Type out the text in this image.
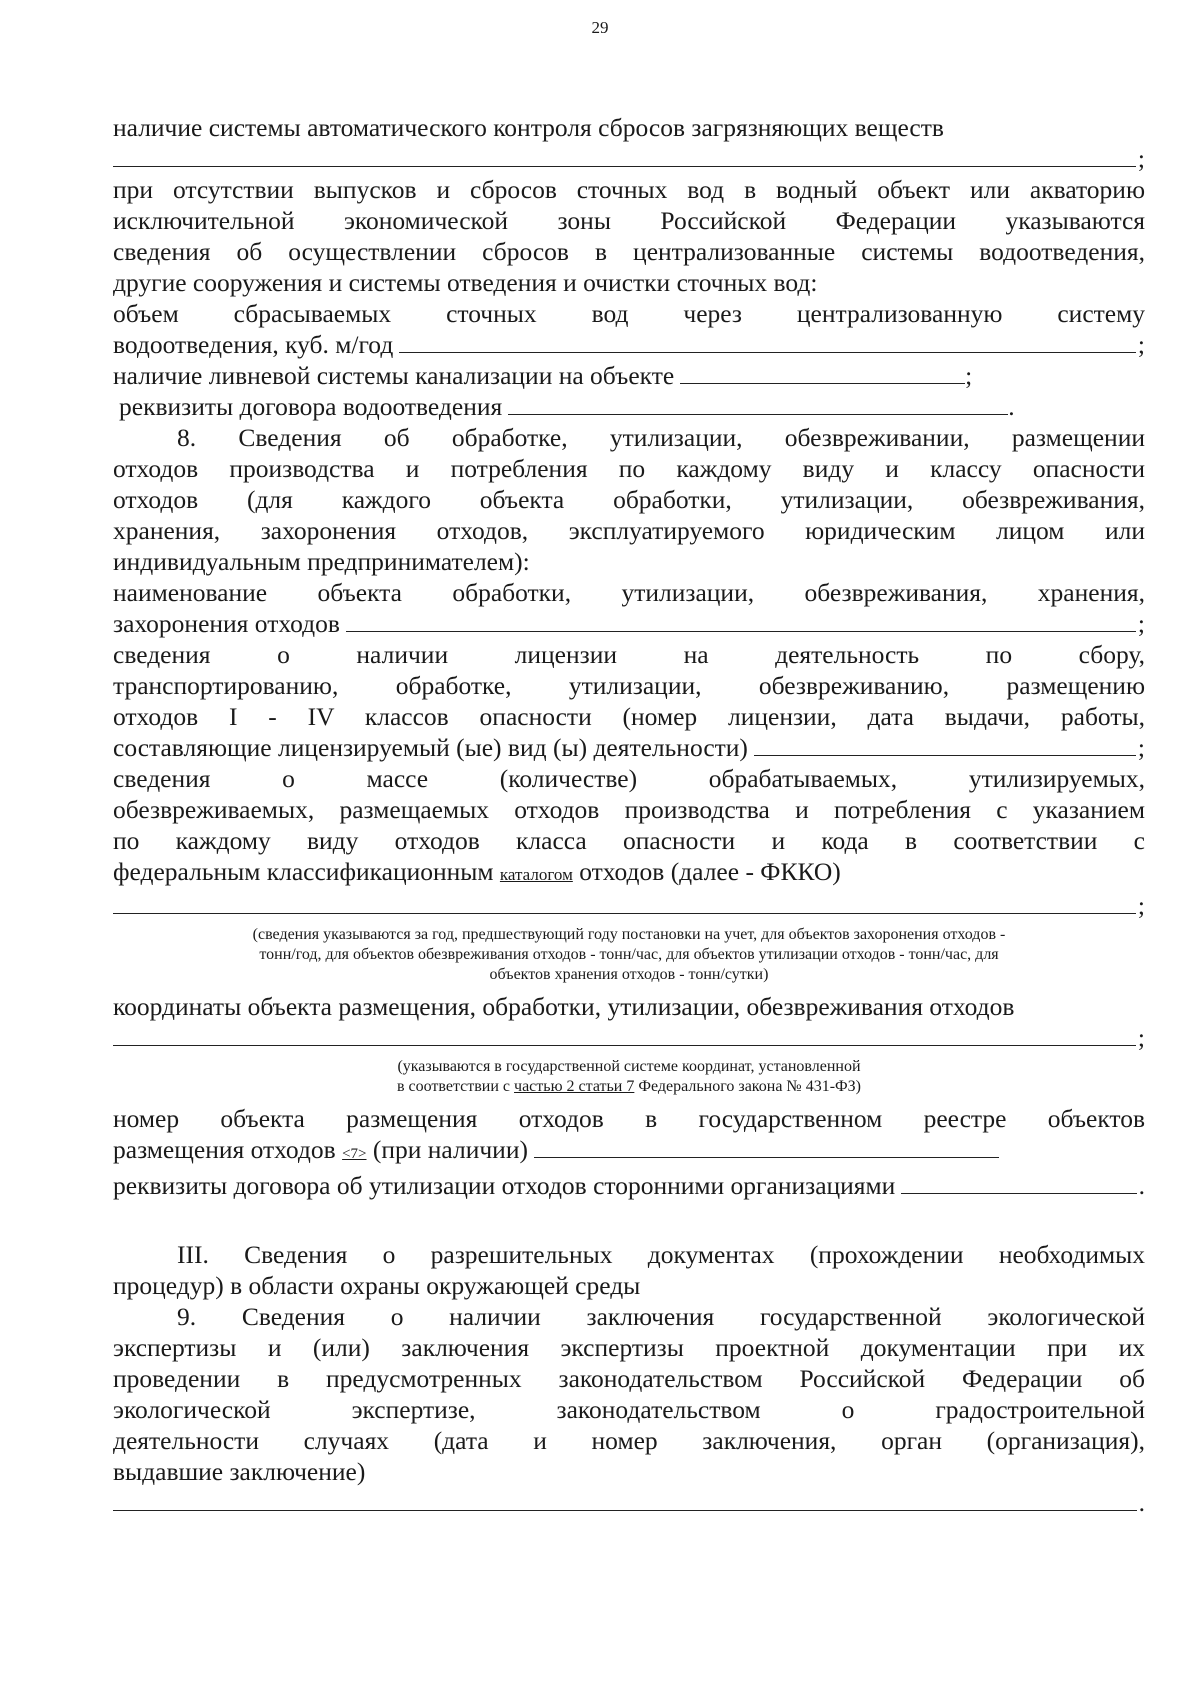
29
наличие системы автоматического контроля сбросов загрязняющих веществ
;
при отсутствии выпусков и сбросов сточных вод в водный объект или акваторию
исключительной экономической зоны Российской Федерации указываются
сведения об осуществлении сбросов в централизованные системы водоотведения,
другие сооружения и системы отведения и очистки сточных вод:
объем сбрасываемых сточных вод через централизованную систему
водоотведения, куб. м/год	;
наличие ливневой системы канализации на объекте	;
реквизиты договора водоотведения	.
8. Сведения об обработке, утилизации, обезвреживании, размещении
отходов производства и потребления по каждому виду и классу опасности
отходов (для каждого объекта обработки, утилизации, обезвреживания,
хранения, захоронения отходов, эксплуатируемого юридическим лицом или
индивидуальным предпринимателем):
наименование объекта обработки, утилизации, обезвреживания, хранения,
захоронения отходов	;
сведения о наличии лицензии на деятельность по сбору,
транспортированию, обработке, утилизации, обезвреживанию, размещению
отходов I - IV классов опасности (номер лицензии, дата выдачи, работы,
составляющие лицензируемый (ые) вид (ы) деятельности)	;
сведения о массе (количестве) обрабатываемых, утилизируемых,
обезвреживаемых, размещаемых отходов производства и потребления с указанием
по каждому виду отходов класса опасности и кода в соответствии с
федеральным классификационным каталогом отходов (далее - ФККО)
;
(сведения указываются за год, предшествующий году постановки на учет, для объектов захоронения отходов -
тонн/год, для объектов обезвреживания отходов - тонн/час, для объектов утилизации отходов - тонн/час, для
объектов хранения отходов - тонн/сутки)
координаты объекта размещения, обработки, утилизации, обезвреживания отходов
;
(указываются в государственной системе координат, установленной
в соответствии с частью 2 статьи 7 Федерального закона № 431-ФЗ)
номер объекта размещения отходов в государственном реестре объектов
размещения отходов
<7>
(при наличии)
реквизиты договора об утилизации отходов сторонними организациями	.
III. Сведения о разрешительных документах (прохождении необходимых
процедур) в области охраны окружающей среды
9. Сведения о наличии заключения государственной экологической
экспертизы и (или) заключения экспертизы проектной документации при их
проведении в предусмотренных законодательством Российской Федерации об
экологической экспертизе, законодательством о градостроительной
деятельности случаях (дата и номер заключения, орган (организация),
выдавшие заключение)
.
